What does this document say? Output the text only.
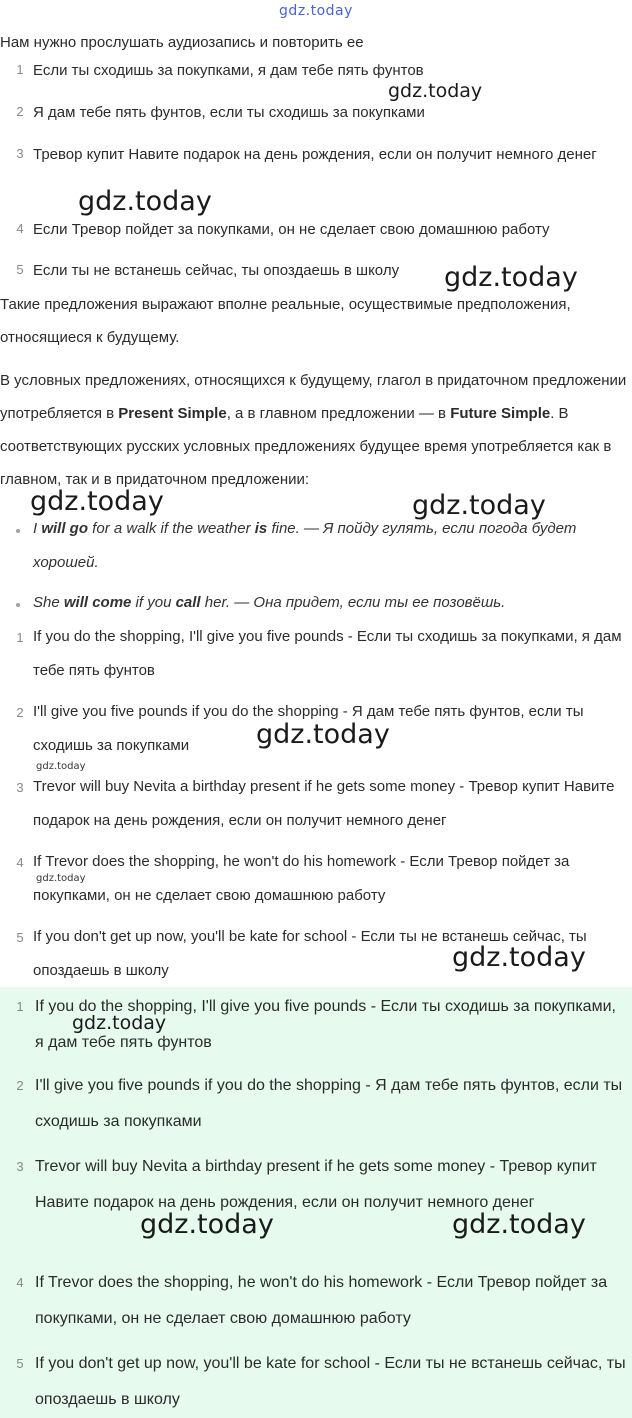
gdz.today

Нам нужно прослушать аудиозапись и повторить ее

1 Если ты сходишь за покупками, я дам тебе пять фунтов
2 Я дам тебе пять фунтов, если ты сходишь за покупками
3 Тревор купит Навите подарок на день рождения, если он получит немного денег
4 Если Тревор пойдет за покупками, он не сделает свою домашнюю работу
5 Если ты не встанешь сейчас, ты опоздаешь в школу

Такие предложения выражают вполне реальные, осуществимые предположения, относящиеся к будущему.

В условных предложениях, относящихся к будущему, глагол в придаточном предложении употребляется в Present Simple, а в главном предложении — в Future Simple. В соответствующих русских условных предложениях будущее время употребляется как в главном, так и в придаточном предложении:

I will go for a walk if the weather is fine. — Я пойду гулять, если погода будет хорошей.
She will come if you call her. — Она придет, если ты ее позовёшь.
1 If you do the shopping, I'll give you five pounds - Если ты сходишь за покупками, я дам тебе пять фунтов
2 I'll give you five pounds if you do the shopping - Я дам тебе пять фунтов, если ты сходишь за покупками
3 Trevor will buy Nevita a birthday present if he gets some money - Тревор купит Навите подарок на день рождения, если он получит немного денег
4 If Trevor does the shopping, he won't do his homework - Если Тревор пойдет за покупками, он не сделает свою домашнюю работу
5 If you don't get up now, you'll be kate for school - Если ты не встанешь сейчас, ты опоздаешь в школу
1 If you do the shopping, I'll give you five pounds - Если ты сходишь за покупками, я дам тебе пять фунтов
2 I'll give you five pounds if you do the shopping - Я дам тебе пять фунтов, если ты сходишь за покупками
3 Trevor will buy Nevita a birthday present if he gets some money - Тревор купит Навите подарок на день рождения, если он получит немного денег
4 If Trevor does the shopping, he won't do his homework - Если Тревор пойдет за покупками, он не сделает свою домашнюю работу
5 If you don't get up now, you'll be kate for school - Если ты не встанешь сейчас, ты опоздаешь в школу
gdz.today
gdz.today
gdz.today
gdz.today	gdz.today
gdz.today
gdz.today
gdz.today
gdz.today
gdz.today
gdz.today	gdz.today
